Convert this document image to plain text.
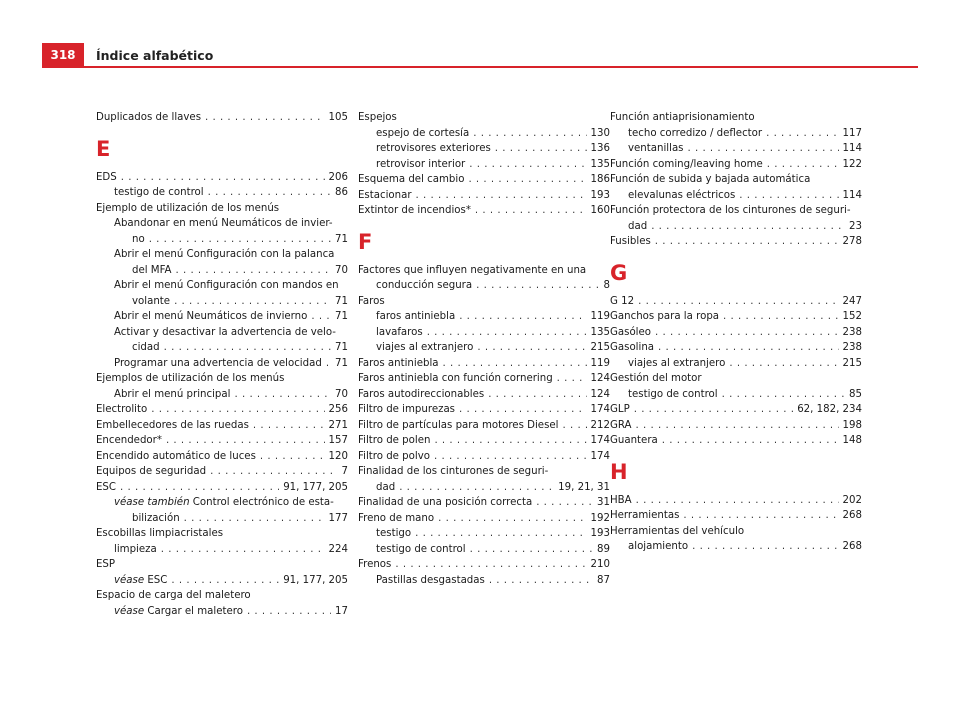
318	Índice alfabético
Duplicados de llaves . . .	105
E
EDS . . .	206
testigo de control . . .	86
Ejemplo de utilización de los menús
Abandonar en menú Neumáticos de invier-
no . . .	71
Abrir el menú Configuración con la palanca
del MFA . . .	70
Abrir el menú Configuración con mandos en
volante . . .	71
Abrir el menú Neumáticos de invierno . . .	71
Activar y desactivar la advertencia de velo-
cidad . . .	71
Programar una advertencia de velocidad . . . 71
Ejemplos de utilización de los menús
Abrir el menú principal . . .	70
Electrolito . . .	256
Embellecedores de las ruedas . . .	271
Encendedor* . . .	157
Encendido automático de luces . . .	120
Equipos de seguridad . . .	7
ESC . . .	91, 177, 205
véase también
Control electrónico de esta-
bilización . . .	177
Escobillas limpiacristales
limpieza . . .	224
ESP
véase
ESC . . .	91, 177, 205
Espacio de carga del maletero
véase
Cargar el maletero . . .	17
Espejos
espejo de cortesía . . .	130
retrovisores exteriores . . .	136
retrovisor interior . . .	135
Esquema del cambio . . .	186
Estacionar . . .	193
Extintor de incendios* . . .	160
F
Factores que influyen negativamente en una
conducción segura . . .	8
Faros
faros antiniebla . . .	119
lavafaros . . .	135
viajes al extranjero . . .	215
Faros antiniebla . . .	119
Faros antiniebla con función cornering . . .	124
Faros autodireccionables . . .	124
Filtro de impurezas . . .	174
Filtro de partículas para motores Diesel . . .	212
Filtro de polen . . .	174
Filtro de polvo . . .	174
Finalidad de los cinturones de seguri-
dad . . .	19, 21, 31
Finalidad de una posición correcta . . .	31
Freno de mano . . .	192
testigo . . .	193
testigo de control . . .	89
Frenos . . .	210
Pastillas desgastadas . . .	87
Función antiaprisionamiento
techo corredizo / deflector . . .	117
ventanillas . . .	114
Función coming/leaving home . . .	122
Función de subida y bajada automática
elevalunas eléctricos . . .	114
Función protectora de los cinturones de seguri-
dad . . .	23
Fusibles . . .	278
G
G 12 . . .	247
Ganchos para la ropa . . .	152
Gasóleo . . .	238
Gasolina . . .	238
viajes al extranjero . . .	215
Gestión del motor
testigo de control . . .	85
GLP . . .	62, 182, 234
GRA . . .	198
Guantera . . .	148
H
HBA . . .	202
Herramientas . . .	268
Herramientas del vehículo
alojamiento . . .	268
